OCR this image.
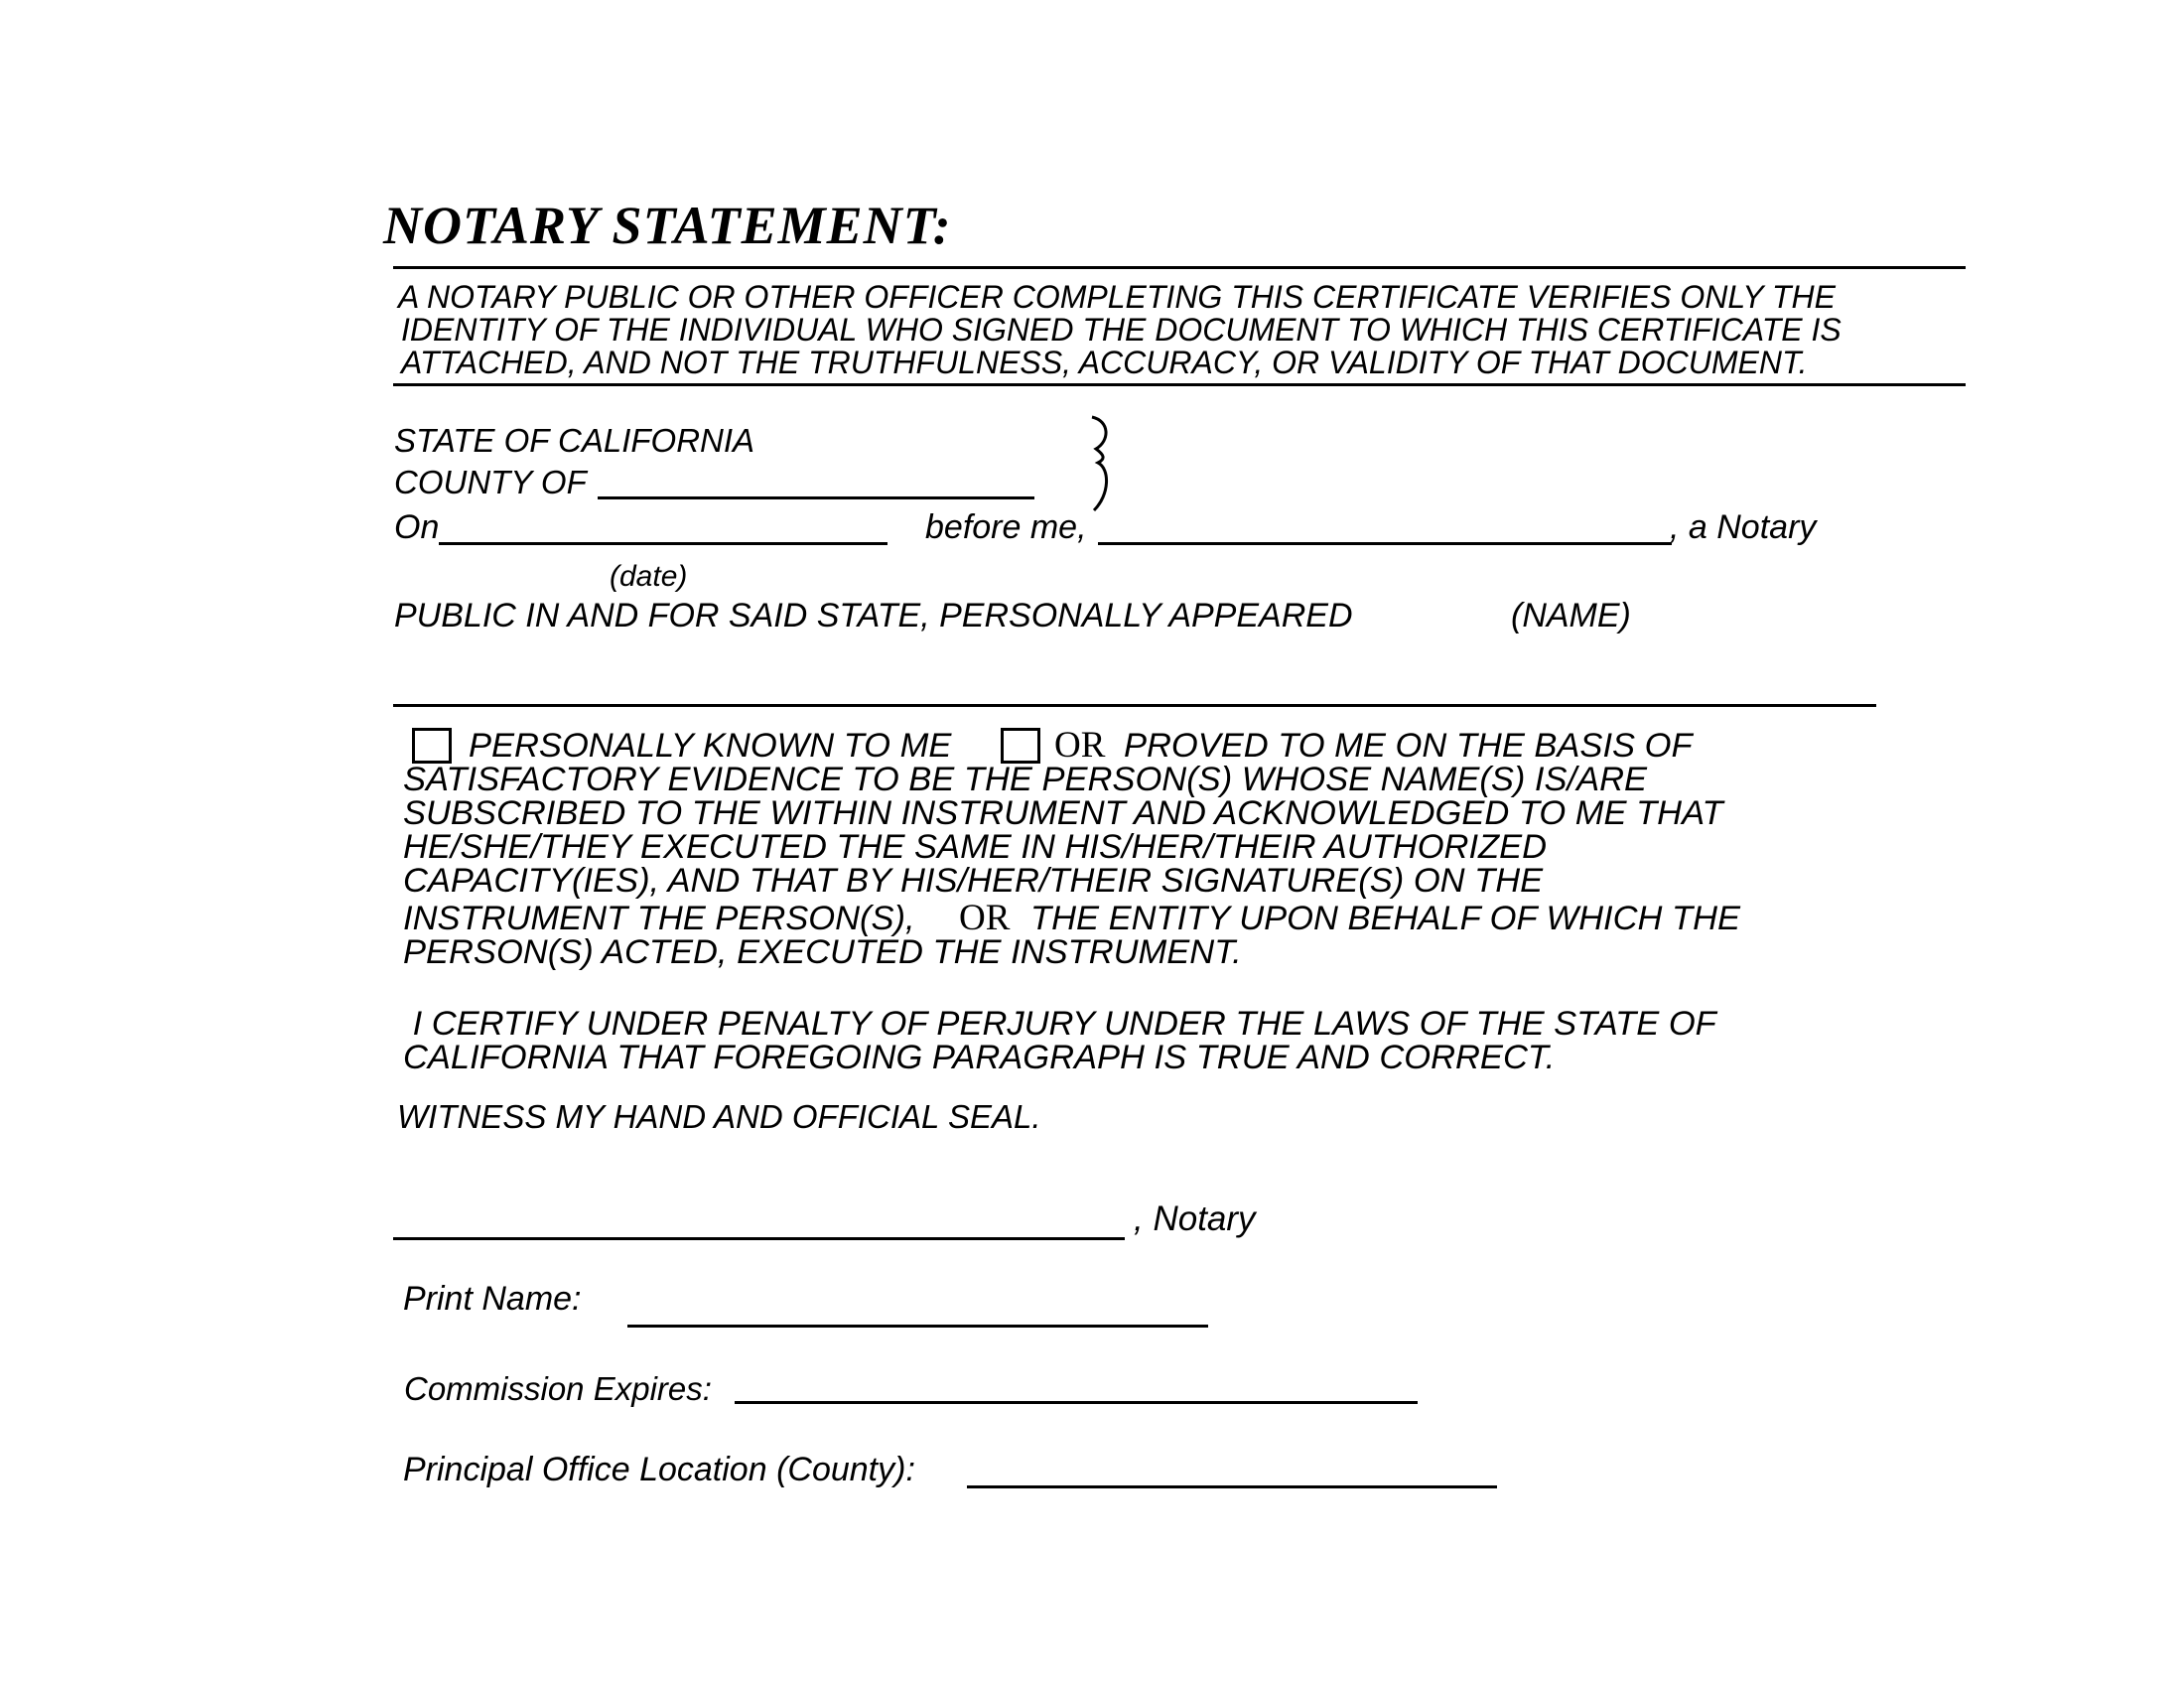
NOTARY STATEMENT:
A NOTARY PUBLIC OR OTHER OFFICER COMPLETING THIS CERTIFICATE VERIFIES ONLY THE
IDENTITY OF THE INDIVIDUAL WHO SIGNED THE DOCUMENT TO WHICH THIS CERTIFICATE IS
ATTACHED, AND NOT THE TRUTHFULNESS, ACCURACY, OR VALIDITY OF THAT DOCUMENT.
STATE OF CALIFORNIA
COUNTY OF
On	before me,	, a Notary
(date)
PUBLIC IN AND FOR SAID STATE, PERSONALLY APPEARED	(NAME)
PERSONALLY KNOWN TO ME	OR PROVED TO ME ON THE BASIS OF
SATISFACTORY EVIDENCE TO BE THE PERSON(S) WHOSE NAME(S) IS/ARE
SUBSCRIBED TO THE WITHIN INSTRUMENT AND ACKNOWLEDGED TO ME THAT
HE/SHE/THEY EXECUTED THE SAME IN HIS/HER/THEIR AUTHORIZED
CAPACITY(IES), AND THAT BY HIS/HER/THEIR SIGNATURE(S) ON THE
INSTRUMENT THE PERSON(S), OR THE ENTITY UPON BEHALF OF WHICH THE
PERSON(S) ACTED, EXECUTED THE INSTRUMENT.
I CERTIFY UNDER PENALTY OF PERJURY UNDER THE LAWS OF THE STATE OF
CALIFORNIA THAT FOREGOING PARAGRAPH IS TRUE AND CORRECT.
WITNESS MY HAND AND OFFICIAL SEAL.
, Notary
Print Name:
Commission Expires:
Principal Office Location (County):
